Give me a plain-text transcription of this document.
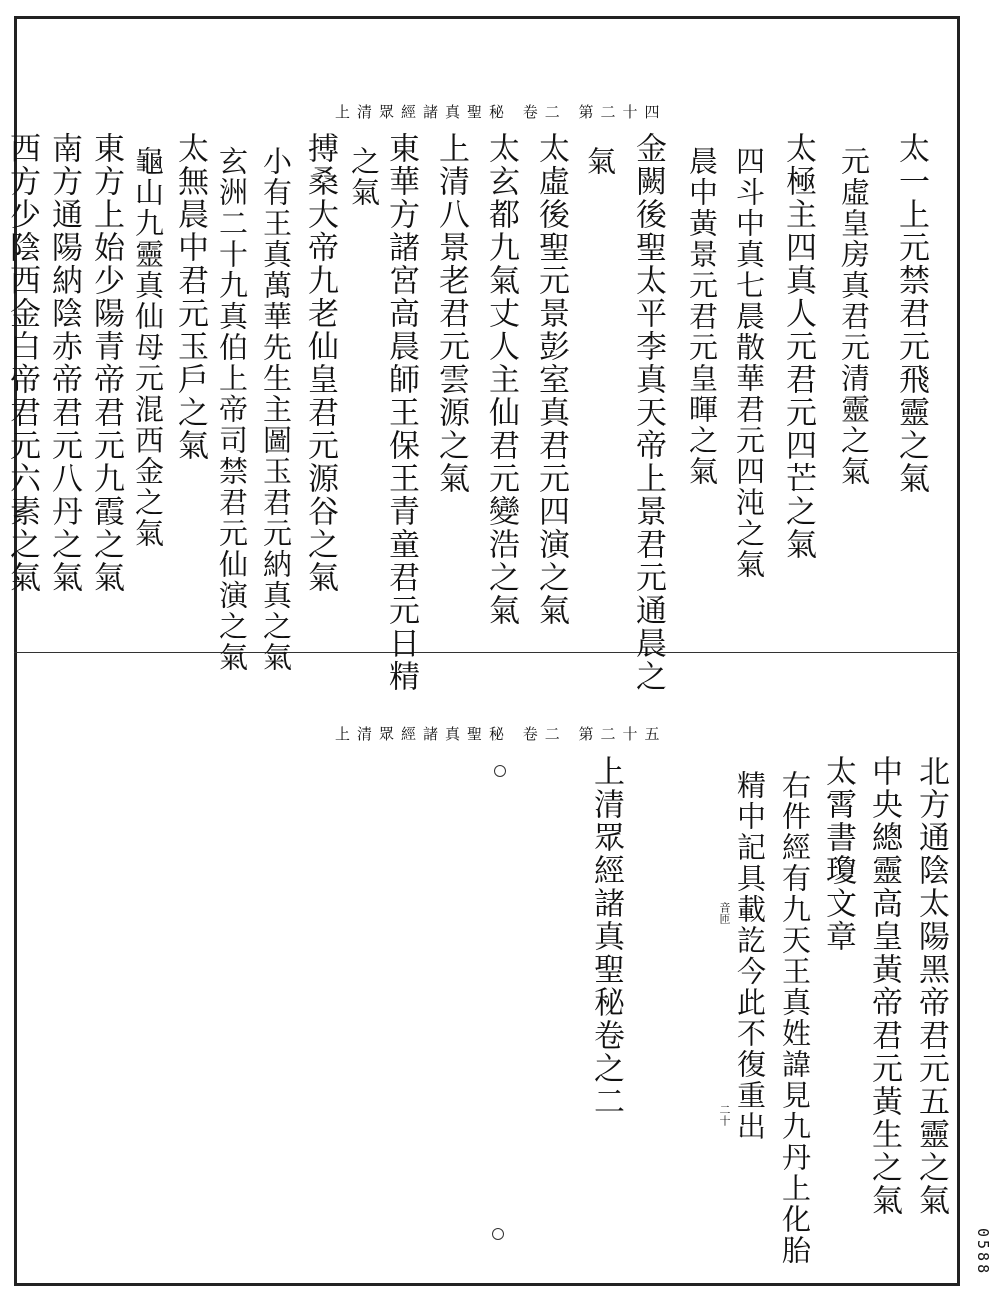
上清眾經諸真聖秘 卷二 第二十四
太一上元禁君元飛靈之氣
元虛皇房真君元清靈之氣
太極主四真人元君元四芒之氣
四斗中真七晨散華君元四沌之氣
晨中黃景元君元皇暉之氣
金闕後聖太平李真天帝上景君元通晨之
氣
太虛後聖元景彭室真君元四演之氣
太玄都九氣丈人主仙君元變浩之氣
上清八景老君元雲源之氣
東華方諸宮高晨師王保王青童君元日精
之氣
搏桑大帝九老仙皇君元源谷之氣
小有王真萬華先生主圖玉君元納真之氣
玄洲二十九真伯上帝司禁君元仙演之氣
太無晨中君元玉戶之氣
龜山九靈真仙母元混西金之氣
東方上始少陽青帝君元九霞之氣
南方通陽納陰赤帝君元八丹之氣
西方少陰西金白帝君元六素之氣
上清眾經諸真聖秘 卷二 第二十五
北方通陰太陽黑帝君元五靈之氣
中央總靈高皇黃帝君元黃生之氣
太霄書瓊文章
右件經有九天王真姓諱見九丹上化胎
精中記具載訖今此不復重出
上清眾經諸真聖秘卷之二	音匝
二十
0588
